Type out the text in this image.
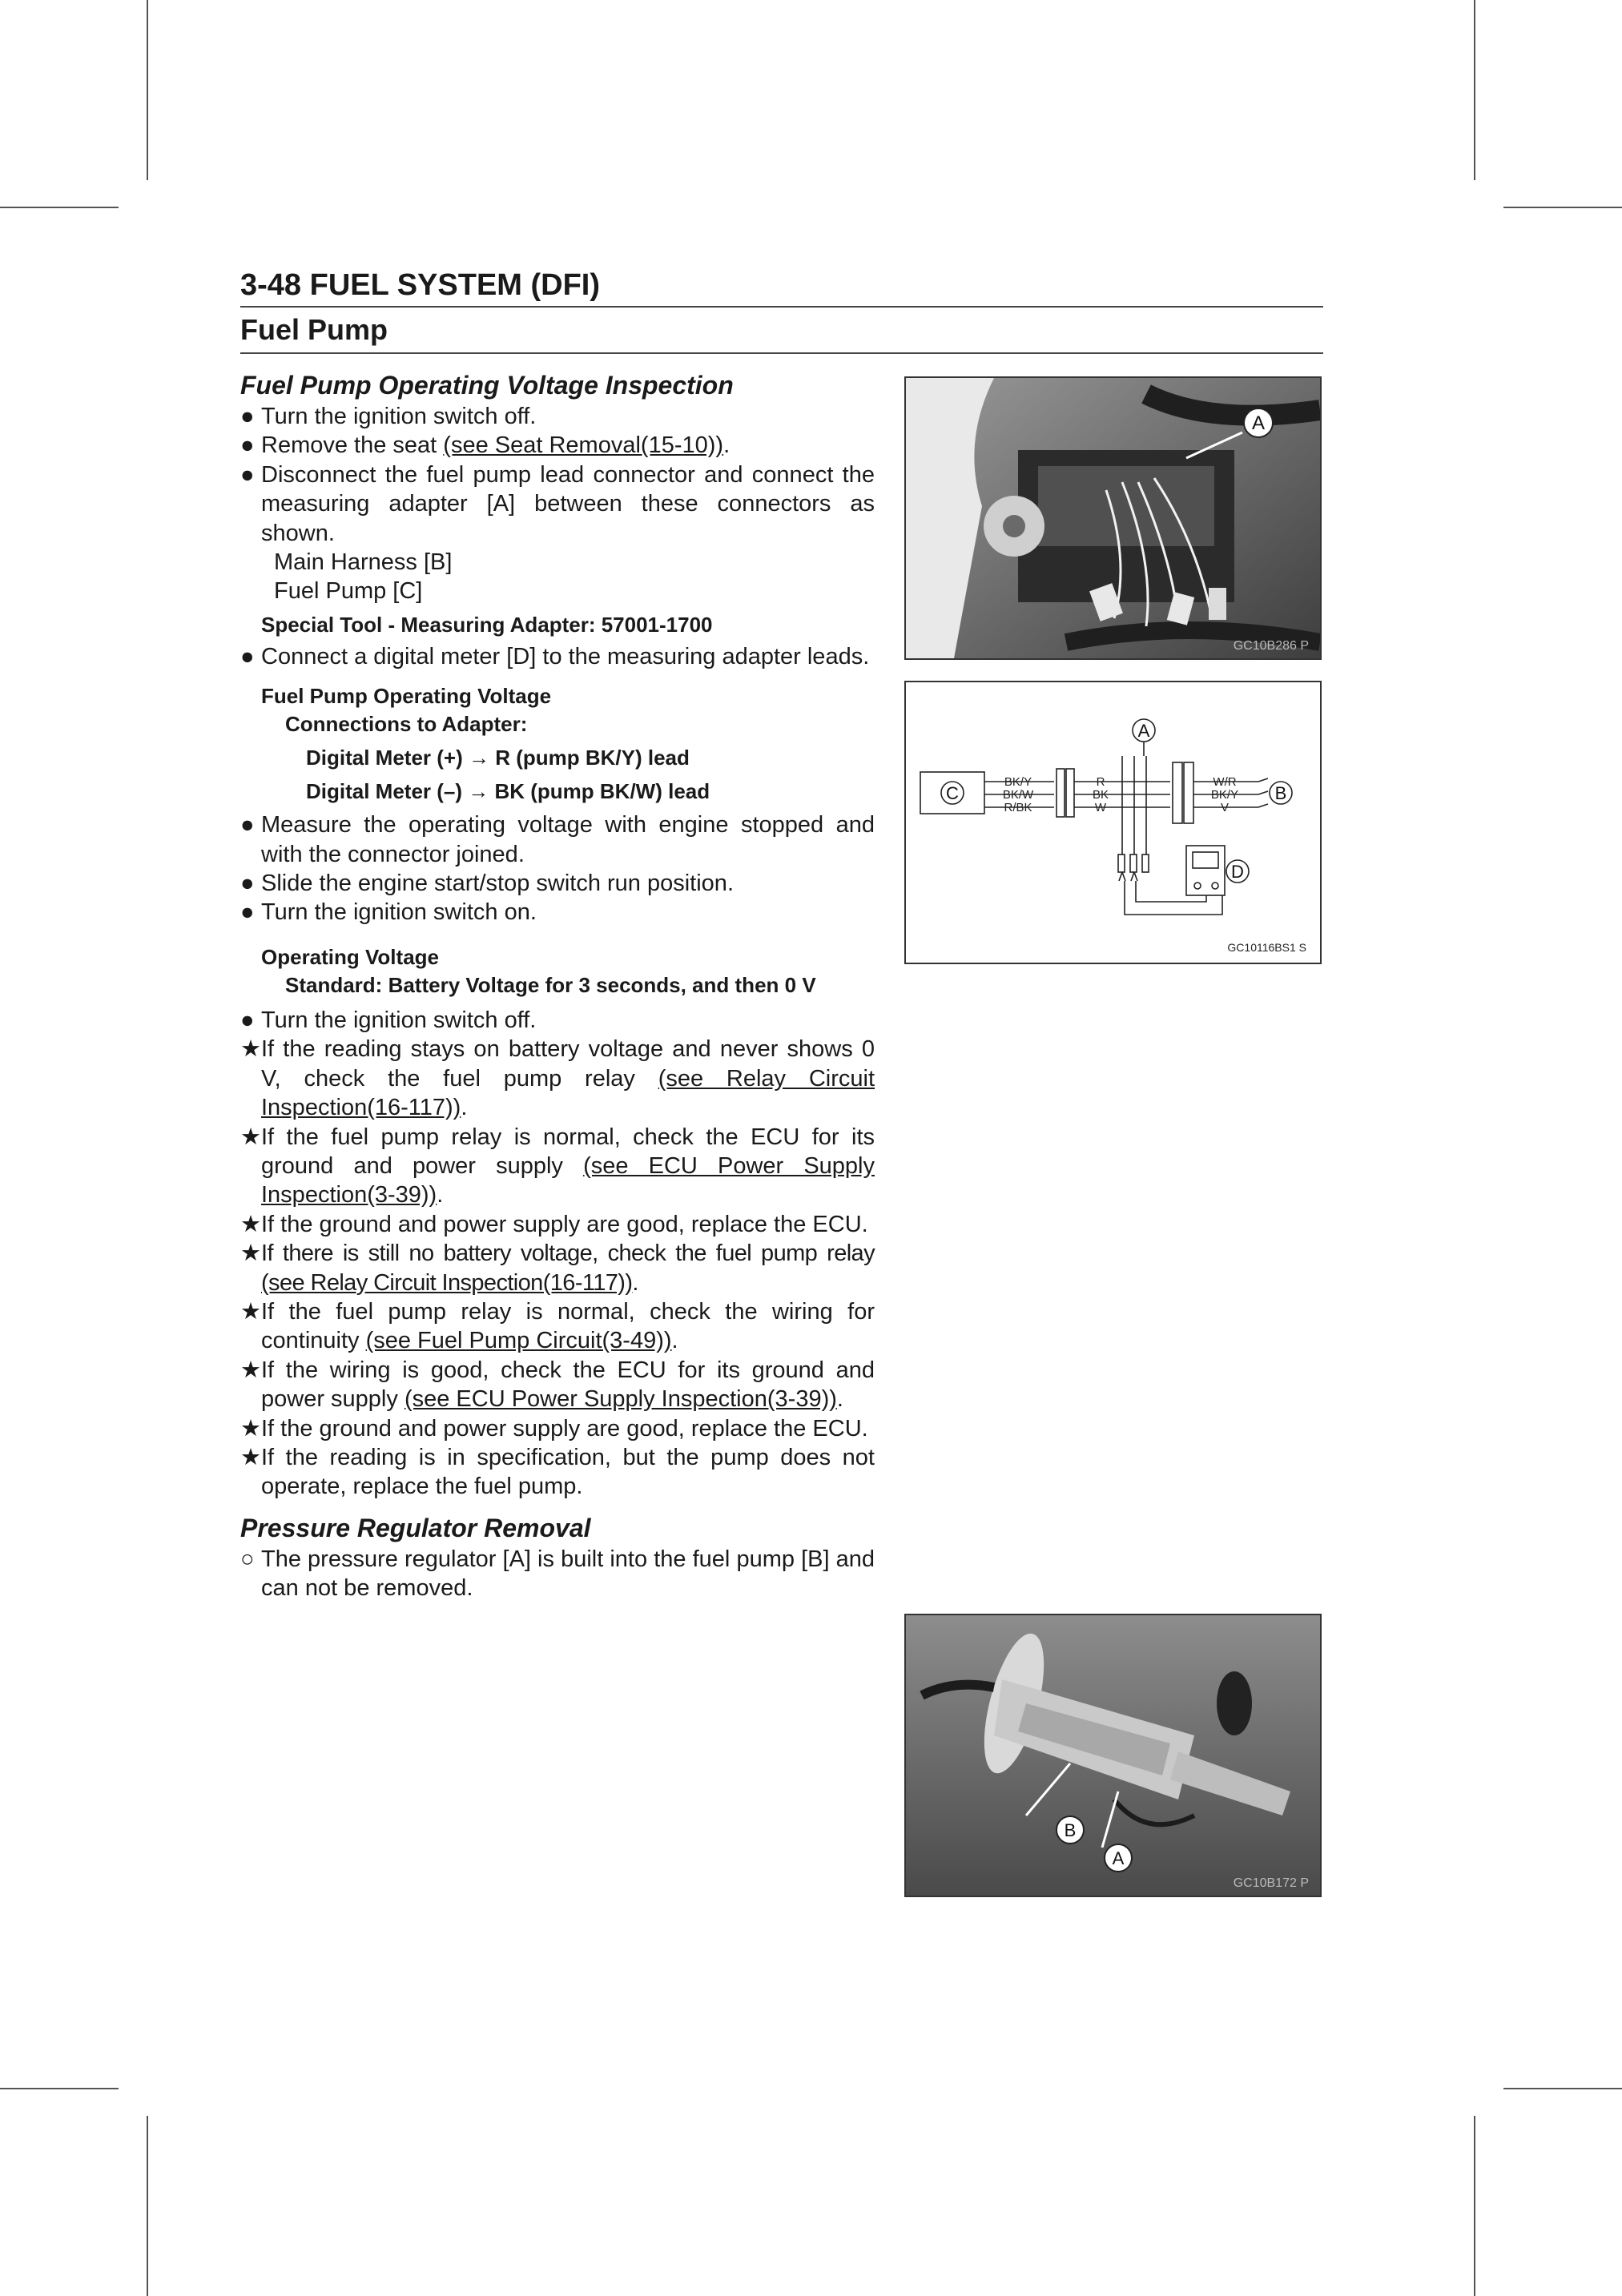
3-48 FUEL SYSTEM (DFI)
Fuel Pump

Fuel Pump Operating Voltage Inspection

● Turn the ignition switch off.

● Remove the seat (see Seat Removal(15-10)).

● Disconnect the fuel pump lead connector and connect the measuring adapter [A] between these connectors as shown.

Main Harness [B]

Fuel Pump [C]

Special Tool - Measuring Adapter: 57001-1700

● Connect a digital meter [D] to the measuring adapter leads.

Fuel Pump Operating Voltage

Connections to Adapter:

Digital Meter (+) → R (pump BK/Y) lead

Digital Meter (–) → BK (pump BK/W) lead

● Measure the operating voltage with engine stopped and with the connector joined.

● Slide the engine start/stop switch run position.

● Turn the ignition switch on.

Operating Voltage

Standard: Battery Voltage for 3 seconds, and then 0 V

● Turn the ignition switch off.

★ If the reading stays on battery voltage and never shows 0 V, check the fuel pump relay (see Relay Circuit Inspection(16-117)).

★ If the fuel pump relay is normal, check the ECU for its ground and power supply (see ECU Power Supply Inspection(3-39)).

★ If the ground and power supply are good, replace the ECU.

★ If there is still no battery voltage, check the fuel pump relay (see Relay Circuit Inspection(16-117)).

★ If the fuel pump relay is normal, check the wiring for continuity (see Fuel Pump Circuit(3-49)).

★ If the wiring is good, check the ECU for its ground and power supply (see ECU Power Supply Inspection(3-39)).

★ If the ground and power supply are good, replace the ECU.

★ If the reading is in specification, but the pump does not operate, replace the fuel pump.

Pressure Regulator Removal

○ The pressure regulator [A] is built into the fuel pump [B] and can not be removed.

A
GC10B286 P
BK/Y
BK/W
R/BK
R
BK
W
W/R
BK/Y
V
A
C	B
D
GC10116BS1 S
B
A
GC10B172 P
